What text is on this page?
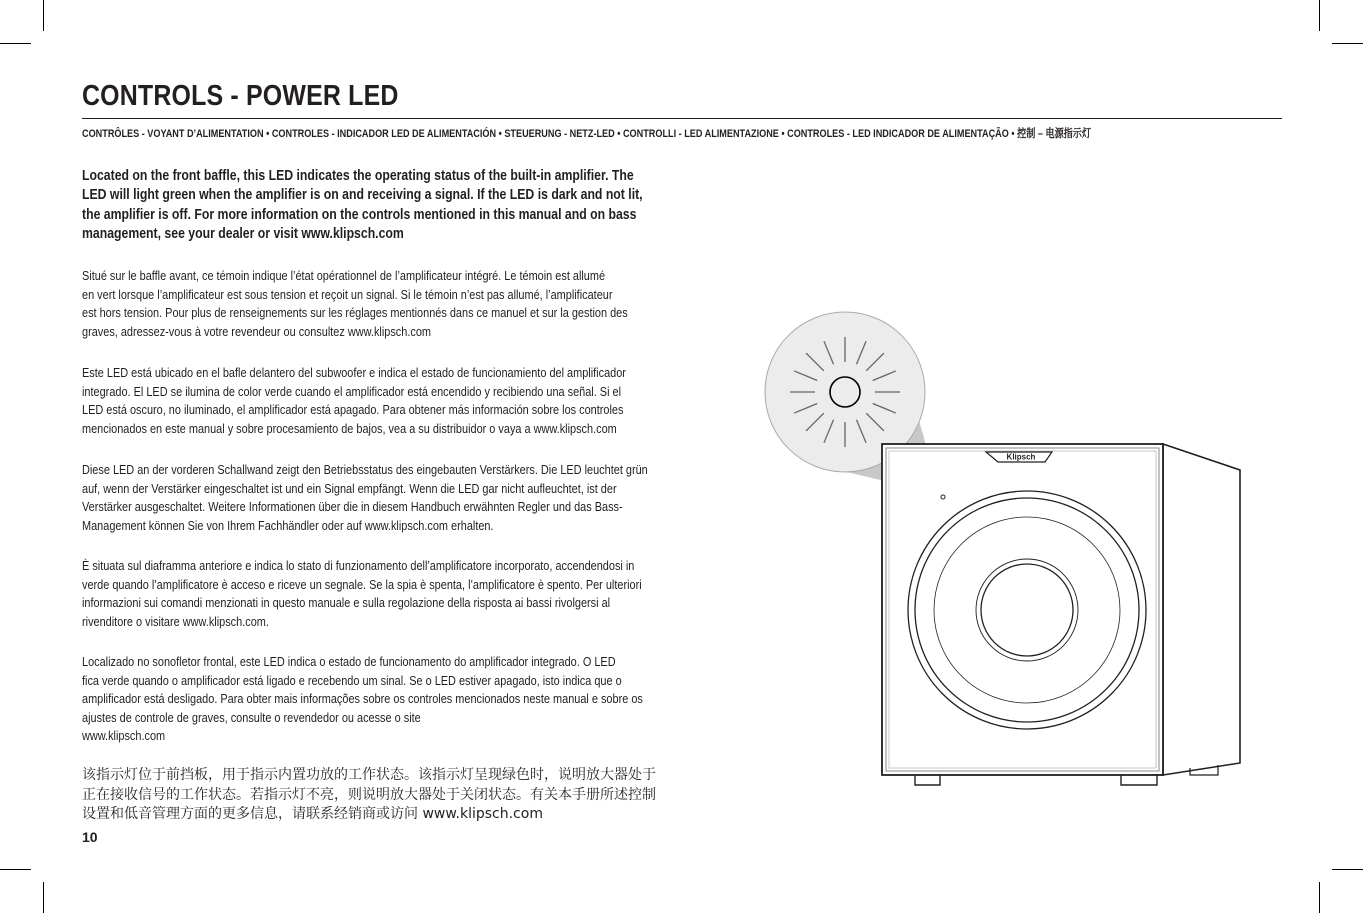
CONTROLS - POWER LED
CONTRÔLES - VOYANT D’ALIMENTATION • CONTROLES - INDICADOR LED DE ALIMENTACIÓN • STEUERUNG - NETZ-LED • CONTROLLI - LED ALIMENTAZIONE • CONTROLES - LED INDICADOR DE ALIMENTAÇÃO • 控制 – 电源指示灯
Located on the front baffle, this LED indicates the operating status of the built-in amplifier. The
LED will light green when the amplifier is on and receiving a signal. If the LED is dark and not lit,
the amplifier is off. For more information on the controls mentioned in this manual and on bass
management, see your dealer or visit www.klipsch.com
Situé sur le baffle avant, ce témoin indique l’état opérationnel de l’amplificateur intégré. Le témoin est allumé
en vert lorsque l’amplificateur est sous tension et reçoit un signal. Si le témoin n’est pas allumé, l’amplificateur
est hors tension. Pour plus de renseignements sur les réglages mentionnés dans ce manuel et sur la gestion des
graves, adressez-vous à votre revendeur ou consultez www.klipsch.com
Este LED está ubicado en el bafle delantero del subwoofer e indica el estado de funcionamiento del amplificador
integrado. El LED se ilumina de color verde cuando el amplificador está encendido y recibiendo una señal. Si el
LED está oscuro, no iluminado, el amplificador está apagado. Para obtener más información sobre los controles
mencionados en este manual y sobre procesamiento de bajos, vea a su distribuidor o vaya a www.klipsch.com
Diese LED an der vorderen Schallwand zeigt den Betriebsstatus des eingebauten Verstärkers. Die LED leuchtet grün
auf, wenn der Verstärker eingeschaltet ist und ein Signal empfängt. Wenn die LED gar nicht aufleuchtet, ist der
Verstärker ausgeschaltet. Weitere Informationen über die in diesem Handbuch erwähnten Regler und das Bass-
Management können Sie von Ihrem Fachhändler oder auf www.klipsch.com erhalten.
È situata sul diaframma anteriore e indica lo stato di funzionamento dell’amplificatore incorporato, accendendosi in
verde quando l’amplificatore è acceso e riceve un segnale. Se la spia è spenta, l’amplificatore è spento. Per ulteriori
informazioni sui comandi menzionati in questo manuale e sulla regolazione della risposta ai bassi rivolgersi al
rivenditore o visitare www.klipsch.com.
Localizado no sonofletor frontal, este LED indica o estado de funcionamento do amplificador integrado. O LED
fica verde quando o amplificador está ligado e recebendo um sinal. Se o LED estiver apagado, isto indica que o
amplificador está desligado. Para obter mais informações sobre os controles mencionados neste manual e sobre os
ajustes de controle de graves, consulte o revendedor ou acesse o site
www.klipsch.com
该指示灯位于前挡板，用于指示内置功放的工作状态。该指示灯呈现绿色时，说明放大器处于
正在接收信号的工作状态。若指示灯不亮，则说明放大器处于关闭状态。有关本手册所述控制
设置和低音管理方面的更多信息，请联系经销商或访问 www.klipsch.com
10
Klipsch
